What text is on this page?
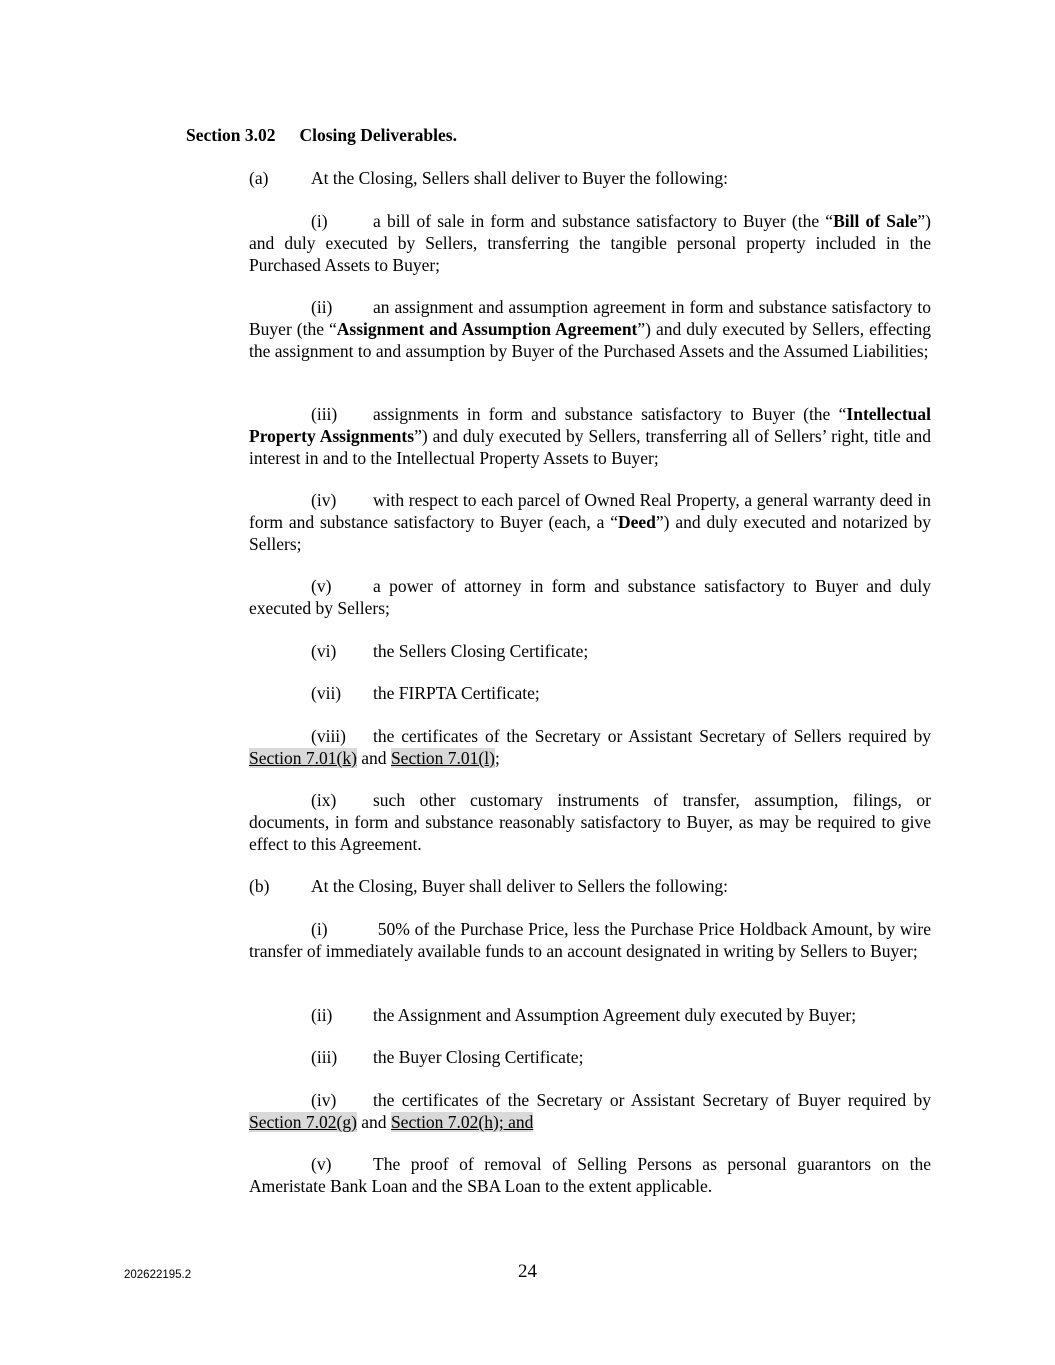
Section 3.02 Closing Deliverables.
(a) At the Closing, Sellers shall deliver to Buyer the following:
(i)	a bill of sale in form and substance satisfactory to Buyer (the “Bill of Sale”) and duly executed by Sellers, transferring the tangible personal property included in the Purchased Assets to Buyer;
(ii) an assignment and assumption agreement in form and substance satisfactory to Buyer (the “Assignment and Assumption Agreement”) and duly executed by Sellers, effecting the assignment to and assumption by Buyer of the Purchased Assets and the Assumed Liabilities;
(iii) assignments in form and substance satisfactory to Buyer (the “Intellectual Property Assignments”) and duly executed by Sellers, transferring all of Sellers’ right, title and interest in and to the Intellectual Property Assets to Buyer;
(iv) with respect to each parcel of Owned Real Property, a general warranty deed in form and substance satisfactory to Buyer (each, a “Deed”) and duly executed and notarized by Sellers;
(v) a power of attorney in form and substance satisfactory to Buyer and duly executed by Sellers;
(vi) the Sellers Closing Certificate;
(vii) the FIRPTA Certificate;
(viii) the certificates of the Secretary or Assistant Secretary of Sellers required by Section 7.01(k) and Section 7.01(l);
(ix) such other customary instruments of transfer, assumption, filings, or documents, in form and substance reasonably satisfactory to Buyer, as may be required to give effect to this Agreement.
(b) At the Closing, Buyer shall deliver to Sellers the following:
(i)	50% of the Purchase Price, less the Purchase Price Holdback Amount, by wire transfer of immediately available funds to an account designated in writing by Sellers to Buyer;
(ii) the Assignment and Assumption Agreement duly executed by Buyer;
(iii) the Buyer Closing Certificate;
(iv) the certificates of the Secretary or Assistant Secretary of Buyer required by Section 7.02(g) and Section 7.02(h); and
(v) The proof of removal of Selling Persons as personal guarantors on the Ameristate Bank Loan and the SBA Loan to the extent applicable.
202622195.2	24
